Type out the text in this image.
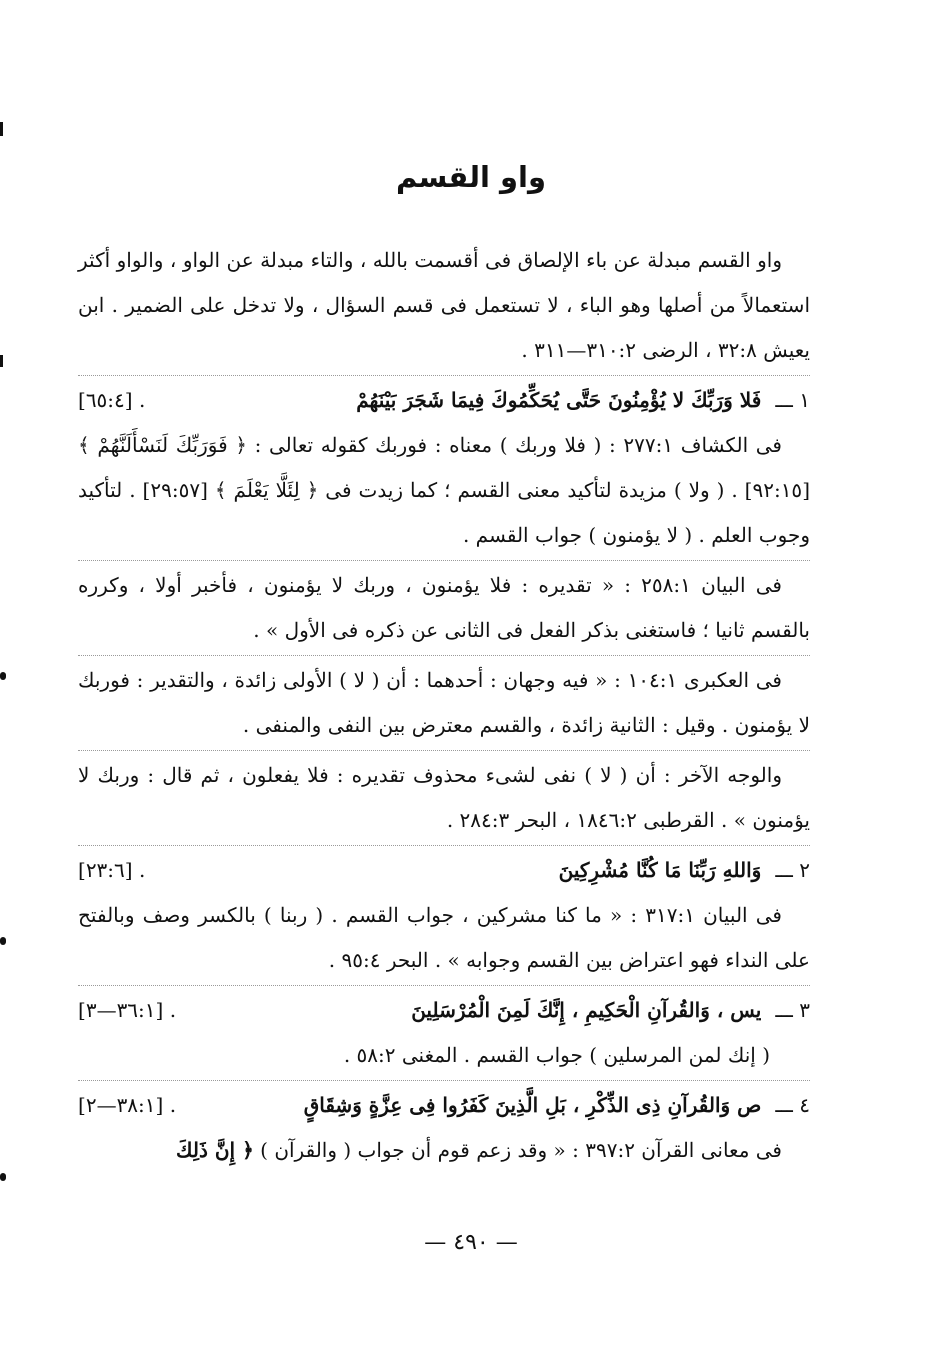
واو القسم

واو القسم مبدلة عن باء الإلصاق فى أقسمت بالله ، والتاء مبدلة عن الواو ، والواو أكثر استعمالاً من أصلها وهو الباء ، لا تستعمل فى قسم السؤال ، ولا تدخل على الضمير . ابن يعيش ٣٢:٨ ، الرضى ٣١٠:٢—٣١١ .

١ ـــ
فَلا وَرَبِّكَ لا يُؤْمِنُونَ حَتَّى يُحَكِّمُوكَ فِيمَا شَجَرَ بَيْنَهُمْ
[٦٥:٤] .

فى الكشاف ٢٧٧:١ : ( فلا وربك ) معناه : فوربك كقوله تعالى : ﴿ فَوَرَبِّكَ لَنَسْأَلَنَّهُمْ ﴾ [٩٢:١٥] . ( ولا ) مزيدة لتأكيد معنى القسم ؛ كما زيدت فى ﴿ لِئَلَّا يَعْلَمَ ﴾ [٢٩:٥٧] . لتأكيد وجوب العلم . ( لا يؤمنون ) جواب القسم .

فى البيان ٢٥٨:١ : « تقديره : فلا يؤمنون ، وربك لا يؤمنون ، فأخبر أولا ، وكرره بالقسم ثانيا ؛ فاستغنى بذكر الفعل فى الثانى عن ذكره فى الأول » .

فى العكبرى ١٠٤:١ : « فيه وجهان : أحدهما : أن ( لا ) الأولى زائدة ، والتقدير : فوربك لا يؤمنون . وقيل : الثانية زائدة ، والقسم معترض بين النفى والمنفى .

والوجه الآخر : أن ( لا ) نفى لشىء محذوف تقديره : فلا يفعلون ، ثم قال : وربك لا يؤمنون » . القرطبى ١٨٤٦:٢ ، البحر ٢٨٤:٣ .

٢ ـــ
وَاللهِ رَبِّنَا مَا كُنَّا مُشْرِكِينَ
[٢٣:٦] .

فى البيان ٣١٧:١ : « ما كنا مشركين ، جواب القسم . ( ربنا ) بالكسر وصف وبالفتح على النداء فهو اعتراض بين القسم وجوابه » . البحر ٩٥:٤ .

٣ ـــ
يس ، وَالقُرآنِ الْحَكِيمِ ، إِنَّكَ لَمِنَ الْمُرْسَلِينَ
[٣٦:١—٣] .

( إنك لمن المرسلين ) جواب القسم . المغنى ٥٨:٢ .

٤ ـــ
ص وَالقُرآنِ ذِى الذِّكْرِ ، بَلِ الَّذِينَ كَفَرُوا فِى عِزَّةٍ وَشِقَاقٍ
[٣٨:١—٢] .

فى معانى القرآن ٣٩٧:٢ : « وقد زعم قوم أن جواب ( والقرآن ) ﴿ إِنَّ ذَلِكَ

— ٤٩٠ —
